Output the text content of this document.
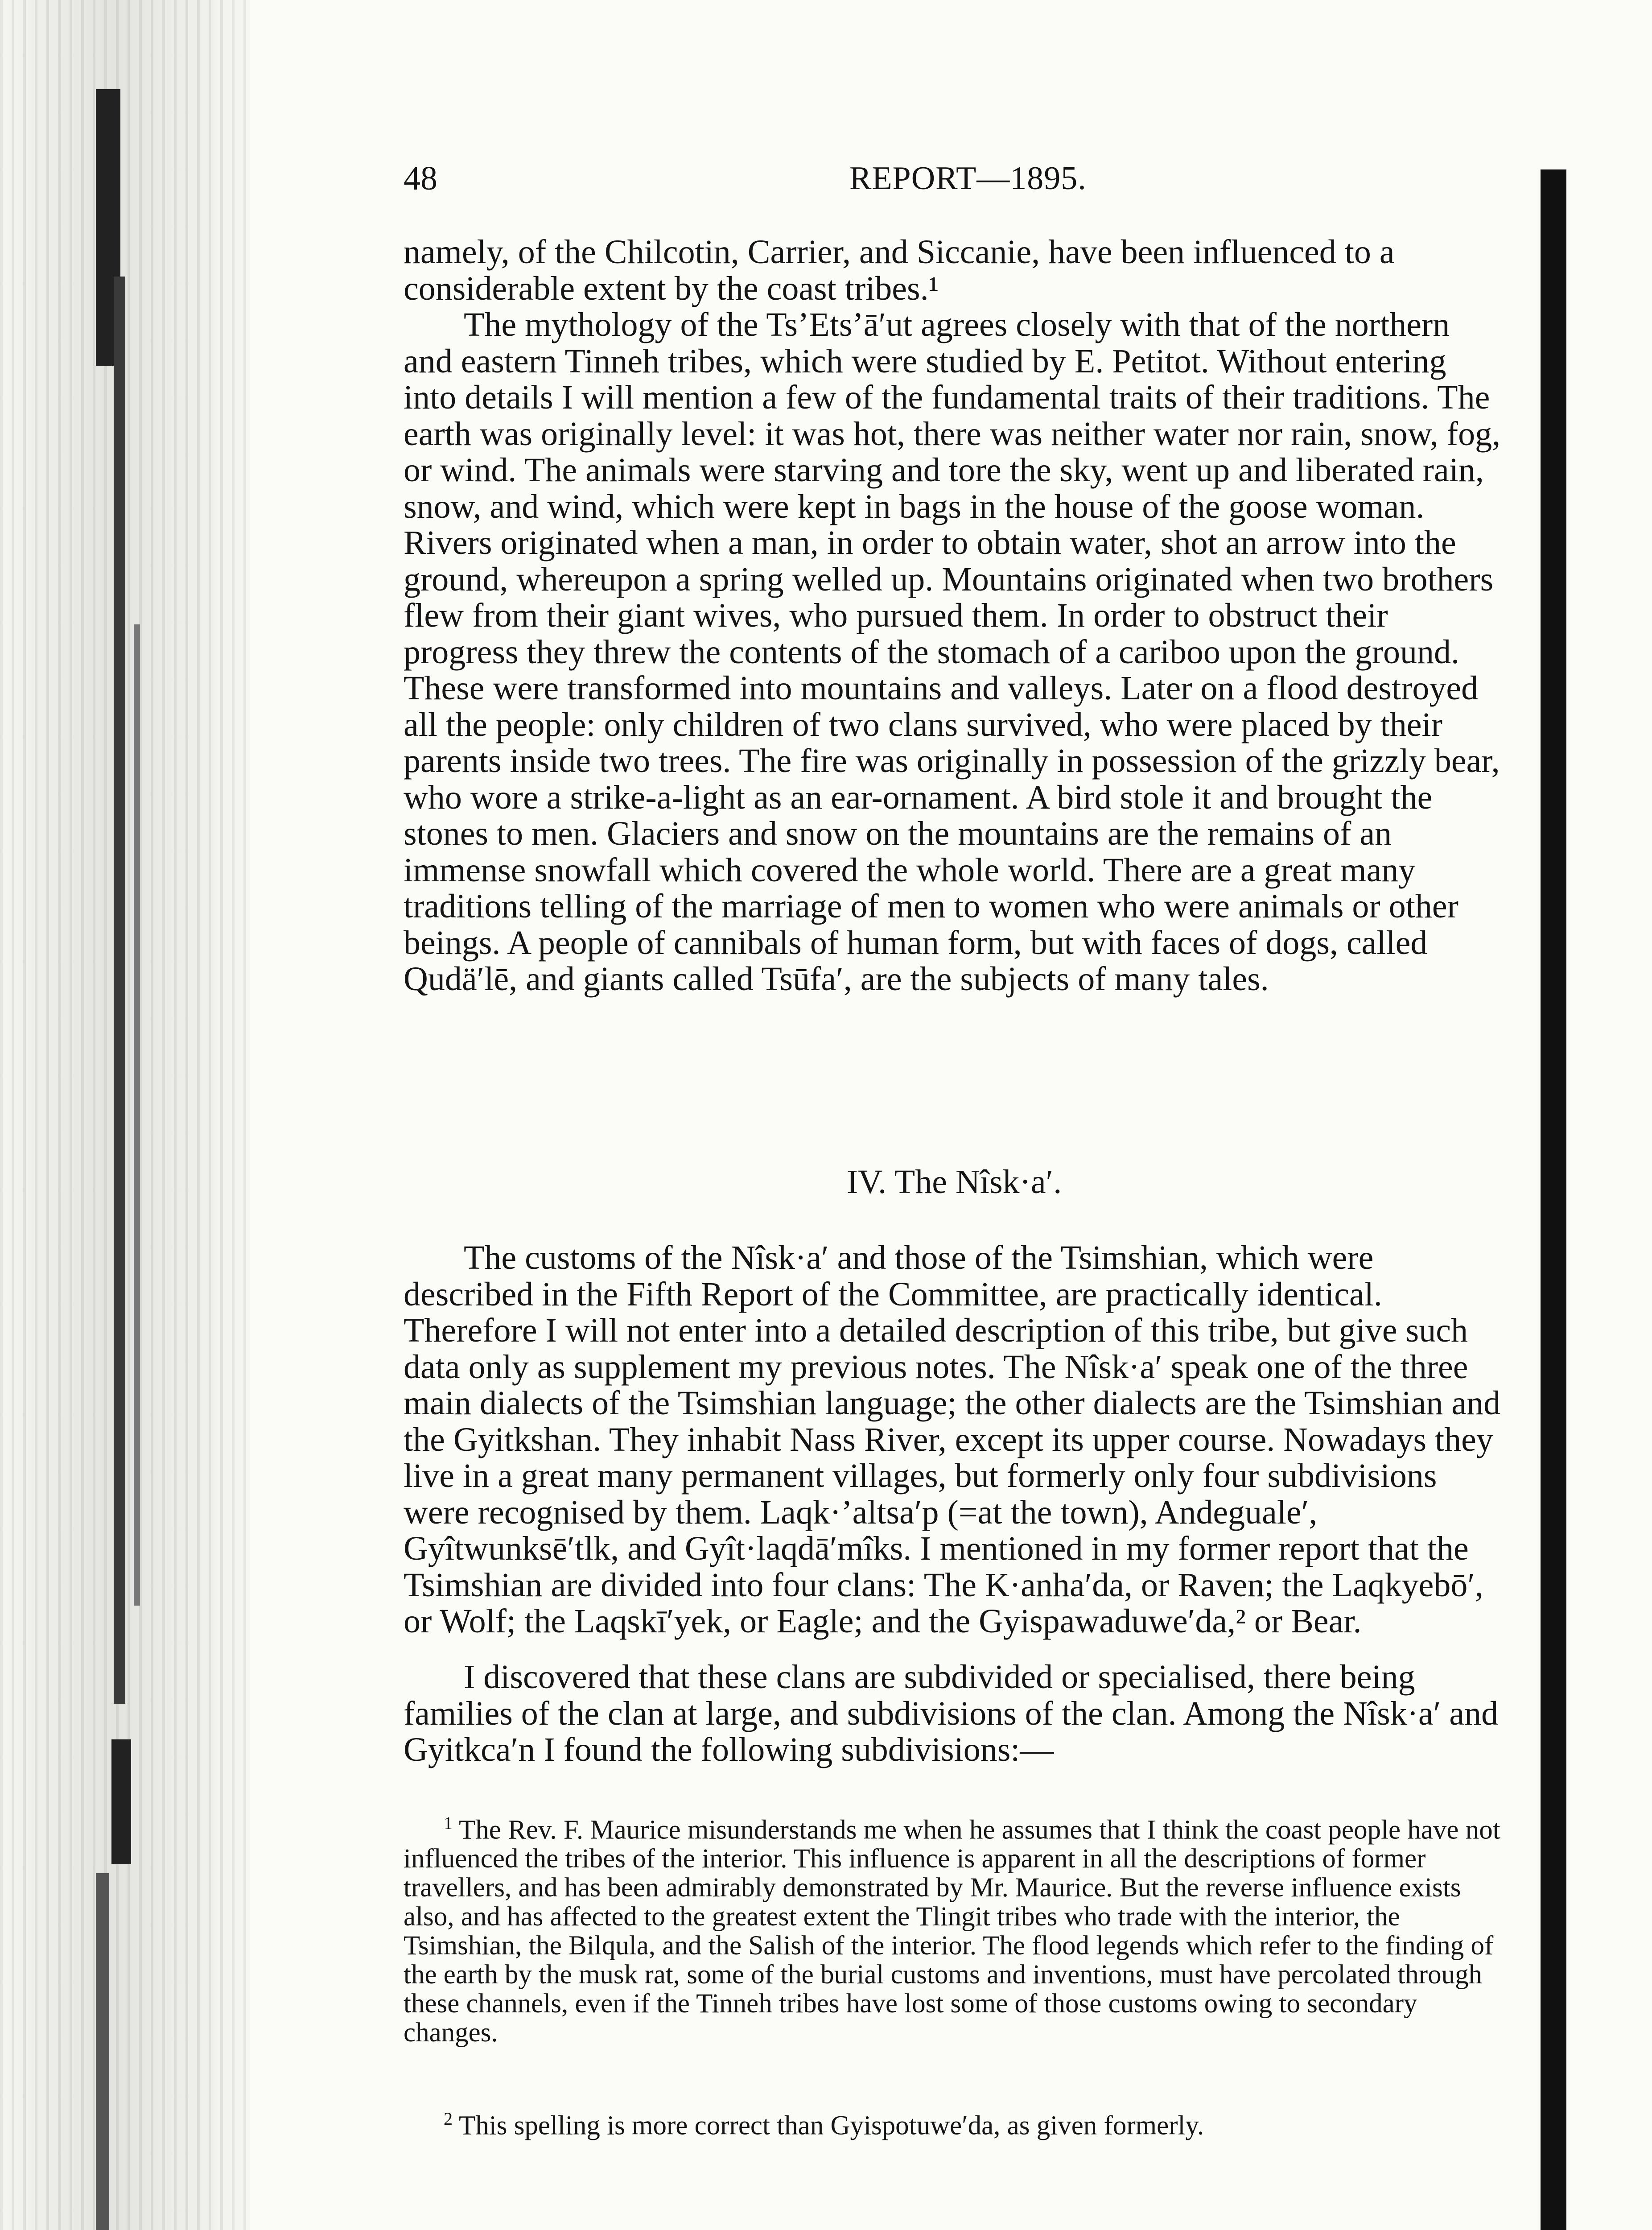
48	REPORT—1895.
namely, of the Chilcotin, Carrier, and Siccanie, have been influenced to a considerable extent by the coast tribes.¹
The mythology of the Ts’Ets’ā′ut agrees closely with that of the northern and eastern Tinneh tribes, which were studied by E. Petitot. Without entering into details I will mention a few of the fundamental traits of their traditions. The earth was originally level: it was hot, there was neither water nor rain, snow, fog, or wind. The animals were starving and tore the sky, went up and liberated rain, snow, and wind, which were kept in bags in the house of the goose woman. Rivers originated when a man, in order to obtain water, shot an arrow into the ground, whereupon a spring welled up. Mountains originated when two brothers flew from their giant wives, who pursued them. In order to obstruct their progress they threw the contents of the stomach of a cariboo upon the ground. These were transformed into mountains and valleys. Later on a flood destroyed all the people: only children of two clans survived, who were placed by their parents inside two trees. The fire was originally in possession of the grizzly bear, who wore a strike-a-light as an ear-ornament. A bird stole it and brought the stones to men. Glaciers and snow on the mountains are the remains of an immense snowfall which covered the whole world. There are a great many traditions telling of the marriage of men to women who were animals or other beings. A people of cannibals of human form, but with faces of dogs, called Qudä′lē, and giants called Tsūfa′, are the subjects of many tales.
IV. The Nîsk·a′.
The customs of the Nîsk·a′ and those of the Tsimshian, which were described in the Fifth Report of the Committee, are practically identical. Therefore I will not enter into a detailed description of this tribe, but give such data only as supplement my previous notes. The Nîsk·a′ speak one of the three main dialects of the Tsimshian language; the other dialects are the Tsimshian and the Gyitkshan. They inhabit Nass River, except its upper course. Nowadays they live in a great many permanent villages, but formerly only four subdivisions were recognised by them. Laqk·’altsa′p (=at the town), Andeguale′, Gyîtwunksē′tlk, and Gyît·laqdā′mîks. I mentioned in my former report that the Tsimshian are divided into four clans: The K·anha′da, or Raven; the Laqkyebō′, or Wolf; the Laqskī′yek, or Eagle; and the Gyispawaduwe′da,² or Bear.
I discovered that these clans are subdivided or specialised, there being families of the clan at large, and subdivisions of the clan. Among the Nîsk·a′ and Gyitkca′n I found the following subdivisions:—
$^1$ The Rev. F. Maurice misunderstands me when he assumes that I think the coast people have not influenced the tribes of the interior. This influence is apparent in all the descriptions of former travellers, and has been admirably demonstrated by Mr. Maurice. But the reverse influence exists also, and has affected to the greatest extent the Tlingit tribes who trade with the interior, the Tsimshian, the Bilqula, and the Salish of the interior. The flood legends which refer to the finding of the earth by the musk rat, some of the burial customs and inventions, must have percolated through these channels, even if the Tinneh tribes have lost some of those customs owing to secondary changes.
$^2$ This spelling is more correct than Gyispotuwe′da, as given formerly.
